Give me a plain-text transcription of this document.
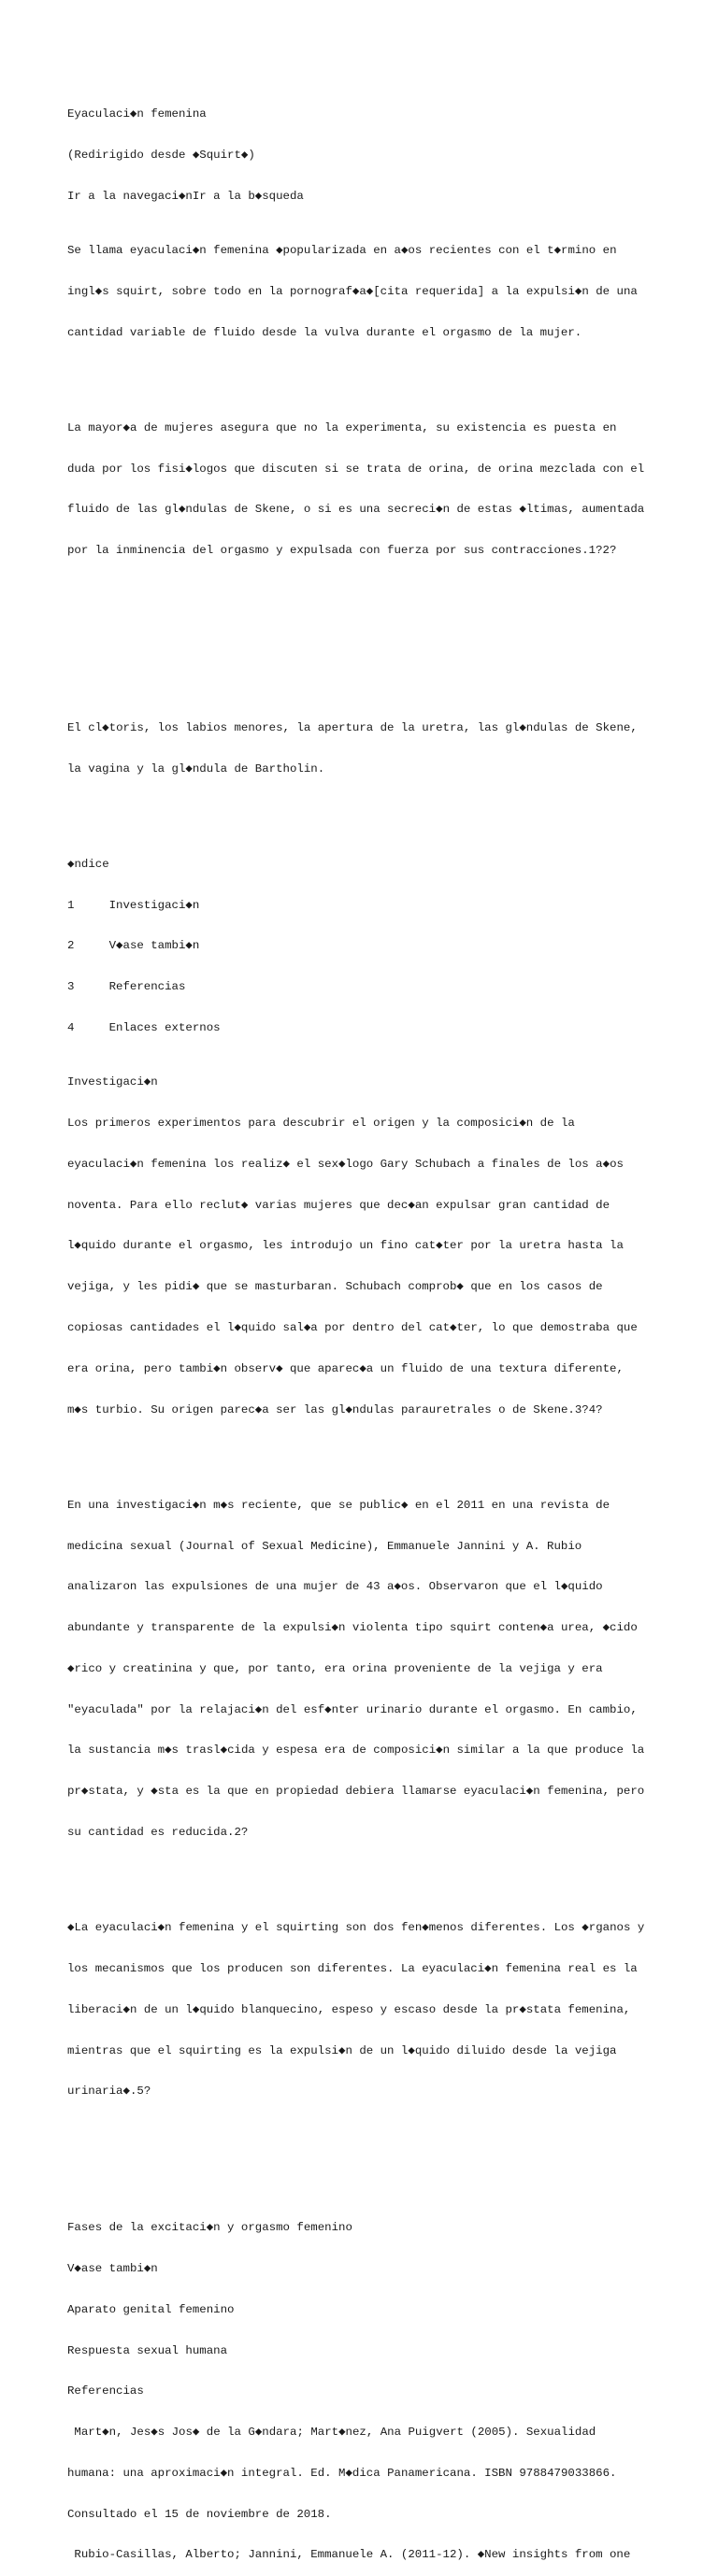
Eyaculaci◆n femenina

(Redirigido desde ◆Squirt◆)

Ir a la navegaci◆nIr a la b◆squeda

Se llama eyaculaci◆n femenina ◆popularizada en a◆os recientes con el t◆rmino en

ingl◆s squirt, sobre todo en la pornograf◆a◆[cita requerida] a la expulsi◆n de una

cantidad variable de fluido desde la vulva durante el orgasmo de la mujer.

La mayor◆a de mujeres asegura que no la experimenta, su existencia es puesta en

duda por los fisi◆logos que discuten si se trata de orina, de orina mezclada con el

fluido de las gl◆ndulas de Skene, o si es una secreci◆n de estas ◆ltimas, aumentada

por la inminencia del orgasmo y expulsada con fuerza por sus contracciones.1?2?

El cl◆toris, los labios menores, la apertura de la uretra, las gl◆ndulas de Skene,

la vagina y la gl◆ndula de Bartholin.

◆ndice

1     Investigaci◆n

2     V◆ase tambi◆n

3     Referencias

4     Enlaces externos

Investigaci◆n

Los primeros experimentos para descubrir el origen y la composici◆n de la

eyaculaci◆n femenina los realiz◆ el sex◆logo Gary Schubach a finales de los a◆os

noventa. Para ello reclut◆ varias mujeres que dec◆an expulsar gran cantidad de

l◆quido durante el orgasmo, les introdujo un fino cat◆ter por la uretra hasta la

vejiga, y les pidi◆ que se masturbaran. Schubach comprob◆ que en los casos de

copiosas cantidades el l◆quido sal◆a por dentro del cat◆ter, lo que demostraba que

era orina, pero tambi◆n observ◆ que aparec◆a un fluido de una textura diferente,

m◆s turbio. Su origen parec◆a ser las gl◆ndulas parauretrales o de Skene.3?4?

En una investigaci◆n m◆s reciente, que se public◆ en el 2011 en una revista de

medicina sexual (Journal of Sexual Medicine), Emmanuele Jannini y A. Rubio

analizaron las expulsiones de una mujer de 43 a◆os. Observaron que el l◆quido

abundante y transparente de la expulsi◆n violenta tipo squirt conten◆a urea, ◆cido

◆rico y creatinina y que, por tanto, era orina proveniente de la vejiga y era

"eyaculada" por la relajaci◆n del esf◆nter urinario durante el orgasmo. En cambio,

la sustancia m◆s trasl◆cida y espesa era de composici◆n similar a la que produce la

pr◆stata, y ◆sta es la que en propiedad debiera llamarse eyaculaci◆n femenina, pero

su cantidad es reducida.2?

◆La eyaculaci◆n femenina y el squirting son dos fen◆menos diferentes. Los ◆rganos y

los mecanismos que los producen son diferentes. La eyaculaci◆n femenina real es la

liberaci◆n de un l◆quido blanquecino, espeso y escaso desde la pr◆stata femenina,

mientras que el squirting es la expulsi◆n de un l◆quido diluido desde la vejiga

urinaria◆.5?

Fases de la excitaci◆n y orgasmo femenino

V◆ase tambi◆n

Aparato genital femenino

Respuesta sexual humana

Referencias

Mart◆n, Jes◆s Jos◆ de la G◆ndara; Mart◆nez, Ana Puigvert (2005). Sexualidad

humana: una aproximaci◆n integral. Ed. M◆dica Panamericana. ISBN 9788479033866.

Consultado el 15 de noviembre de 2018.

Rubio-Casillas, Alberto; Jannini, Emmanuele A. (2011-12). ◆New insights from one
